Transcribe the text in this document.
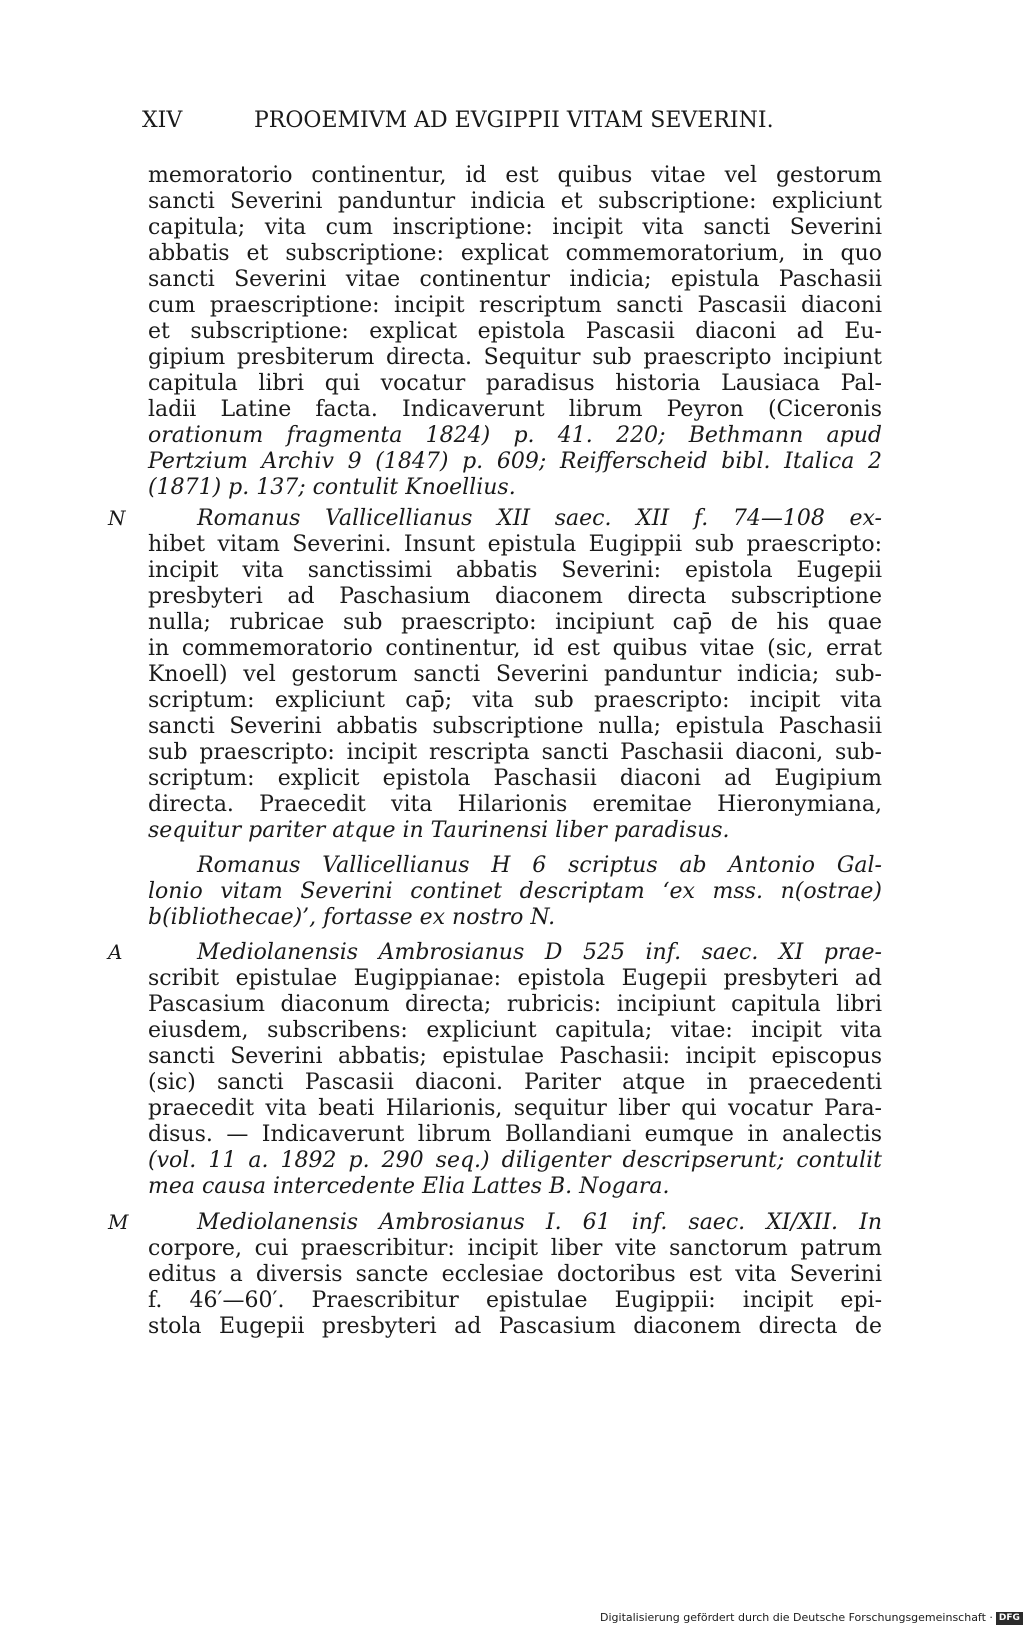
XIV	PROOEMIVM AD EVGIPPII VITAM SEVERINI.
memoratorio continentur, id est quibus vitae vel gestorum
sancti Severini panduntur indicia et subscriptione: expliciunt
capitula; vita cum inscriptione: incipit vita sancti Severini
abbatis et subscriptione: explicat commemoratorium, in quo
sancti Severini vitae continentur indicia; epistula Paschasii
cum praescriptione: incipit rescriptum sancti Pascasii diaconi
et subscriptione: explicat epistola Pascasii diaconi ad Eu-
gipium presbiterum directa. Sequitur sub praescripto incipiunt
capitula libri qui vocatur paradisus historia Lausiaca Pal-
ladii Latine facta. Indicaverunt librum Peyron (Ciceronis
orationum fragmenta 1824) p. 41. 220; Bethmann apud
Pertzium Archiv 9 (1847) p. 609; Reifferscheid bibl. Italica 2
(1871) p. 137; contulit Knoellius.
N	Romanus Vallicellianus XII saec. XII f. 74—108 ex-
hibet vitam Severini. Insunt epistula Eugippii sub praescripto:
incipit vita sanctissimi abbatis Severini: epistola Eugepii
presbyteri ad Paschasium diaconem directa subscriptione
nulla; rubricae sub praescripto: incipiunt cap̄ de his quae
in commemoratorio continentur, id est quibus vitae (sic, errat
Knoell) vel gestorum sancti Severini panduntur indicia; sub-
scriptum: expliciunt cap̄; vita sub praescripto: incipit vita
sancti Severini abbatis subscriptione nulla; epistula Paschasii
sub praescripto: incipit rescripta sancti Paschasii diaconi, sub-
scriptum: explicit epistola Paschasii diaconi ad Eugipium
directa. Praecedit vita Hilarionis eremitae Hieronymiana,
sequitur pariter atque in Taurinensi liber paradisus.
Romanus Vallicellianus H 6 scriptus ab Antonio Gal-
lonio vitam Severini continet descriptam ‘ex mss. n(ostrae)
b(ibliothecae)’, fortasse ex nostro N.
A	Mediolanensis Ambrosianus D 525 inf. saec. XI prae-
scribit epistulae Eugippianae: epistola Eugepii presbyteri ad
Pascasium diaconum directa; rubricis: incipiunt capitula libri
eiusdem, subscribens: expliciunt capitula; vitae: incipit vita
sancti Severini abbatis; epistulae Paschasii: incipit episcopus
(sic) sancti Pascasii diaconi. Pariter atque in praecedenti
praecedit vita beati Hilarionis, sequitur liber qui vocatur Para-
disus. — Indicaverunt librum Bollandiani eumque in analectis
(vol. 11 a. 1892 p. 290 seq.) diligenter descripserunt; contulit
mea causa intercedente Elia Lattes B. Nogara.
M	Mediolanensis Ambrosianus I. 61 inf. saec. XI/XII. In
corpore, cui praescribitur: incipit liber vite sanctorum patrum
editus a diversis sancte ecclesiae doctoribus est vita Severini
f. 46′—60′. Praescribitur epistulae Eugippii: incipit epi-
stola Eugepii presbyteri ad Pascasium diaconem directa de
Digitalisierung gefördert durch die Deutsche Forschungsgemeinschaft · DFG
